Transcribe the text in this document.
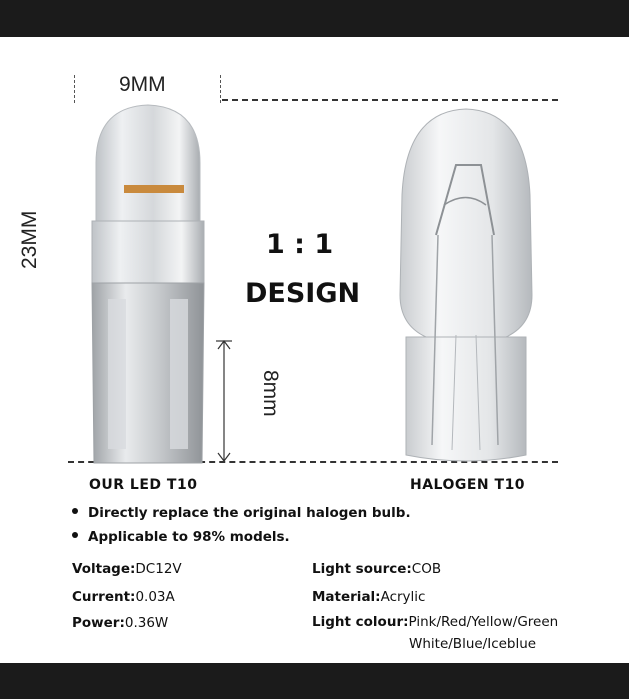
9MM
23MM
8mm
1 : 1
DESIGN
OUR LED T10	HALOGEN T10
Directly replace the original halogen bulb.
Applicable to 98% models.
Voltage:DC12V
Current:0.03A
Power:0.36W
Light source:COB
Material:Acrylic
Light colour:Pink/Red/Yellow/Green
White/Blue/Iceblue
